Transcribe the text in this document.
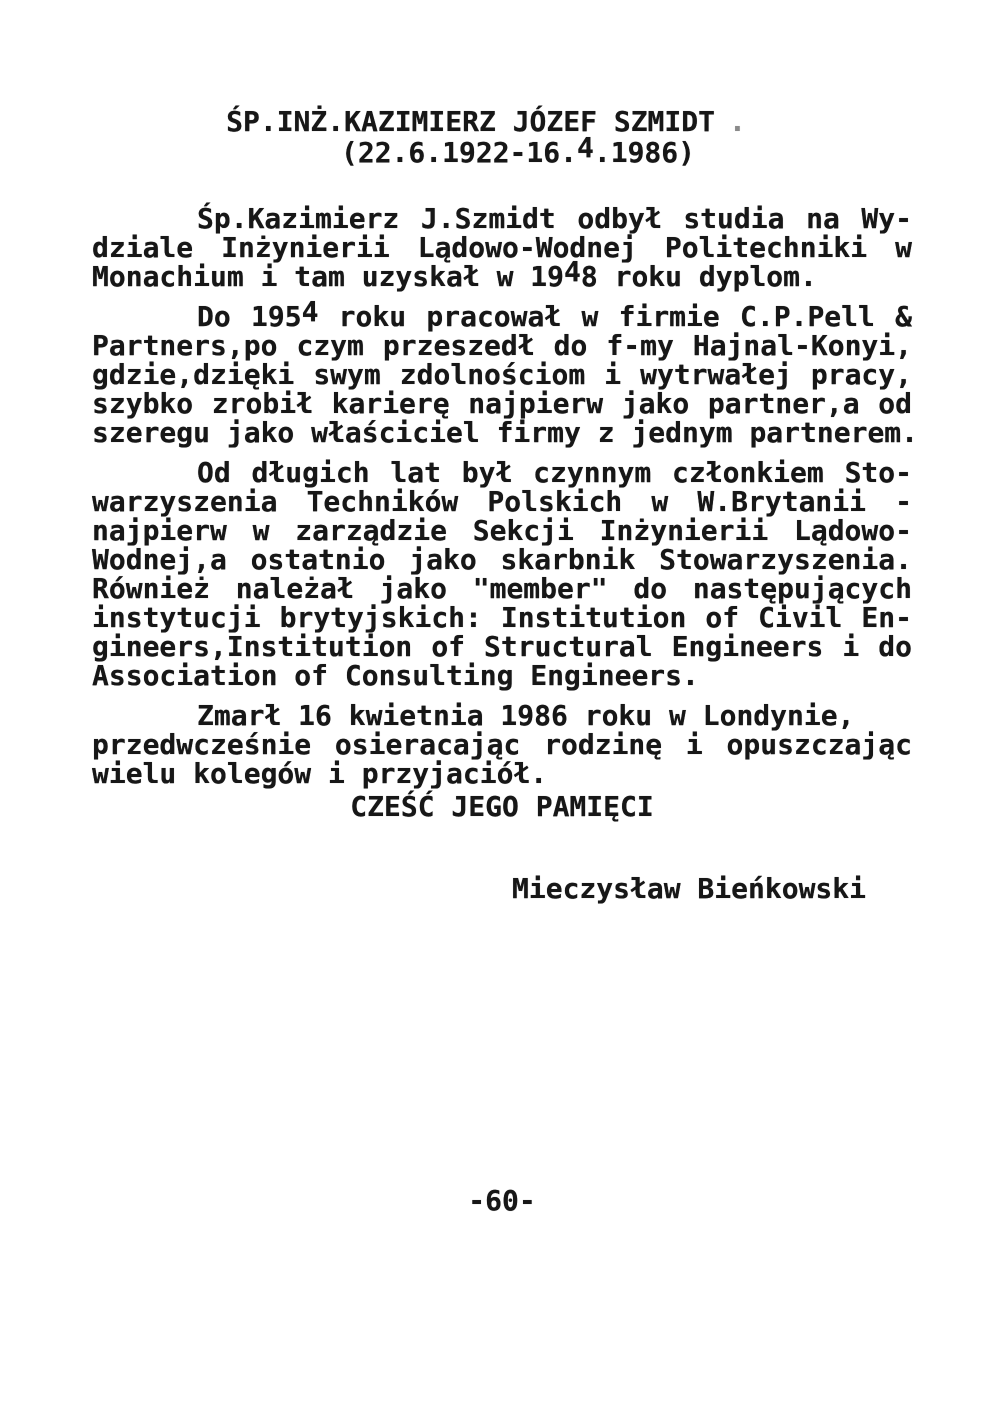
ŚP.INŻ.KAZIMIERZ JÓZEF SZMIDT .
(22.6.1922-16.4.1986)
Śp.Kazimierz J.Szmidt odbył studia na Wy-
dziale Inżynierii Lądowo-Wodnej Politechniki w
Monachium i tam uzyskał w 1948 roku dyplom.
Do 1954 roku pracował w firmie C.P.Pell &
Partners,po czym przeszedł do f-my Hajnal-Konyi,
gdzie,dzięki swym zdolnościom i wytrwałej pracy,
szybko zrobił karierę najpierw jako partner,a od
szeregu jako właściciel firmy z jednym partnerem.
Od długich lat był czynnym członkiem Sto-
warzyszenia Techników Polskich w W.Brytanii -
najpierw w zarządzie Sekcji Inżynierii Lądowo-
Wodnej,a ostatnio jako skarbnik Stowarzyszenia.
Również należał jako "member" do następujących
instytucji brytyjskich: Institution of Civil En-
gineers,Institution of Structural Engineers i do
Association of Consulting Engineers.
Zmarł 16 kwietnia 1986 roku w Londynie,
przedwcześnie osieracając rodzinę i opuszczając
wielu kolegów i przyjaciół.
CZEŚĆ JEGO PAMIĘCI
Mieczysław Bieńkowski
-60-
